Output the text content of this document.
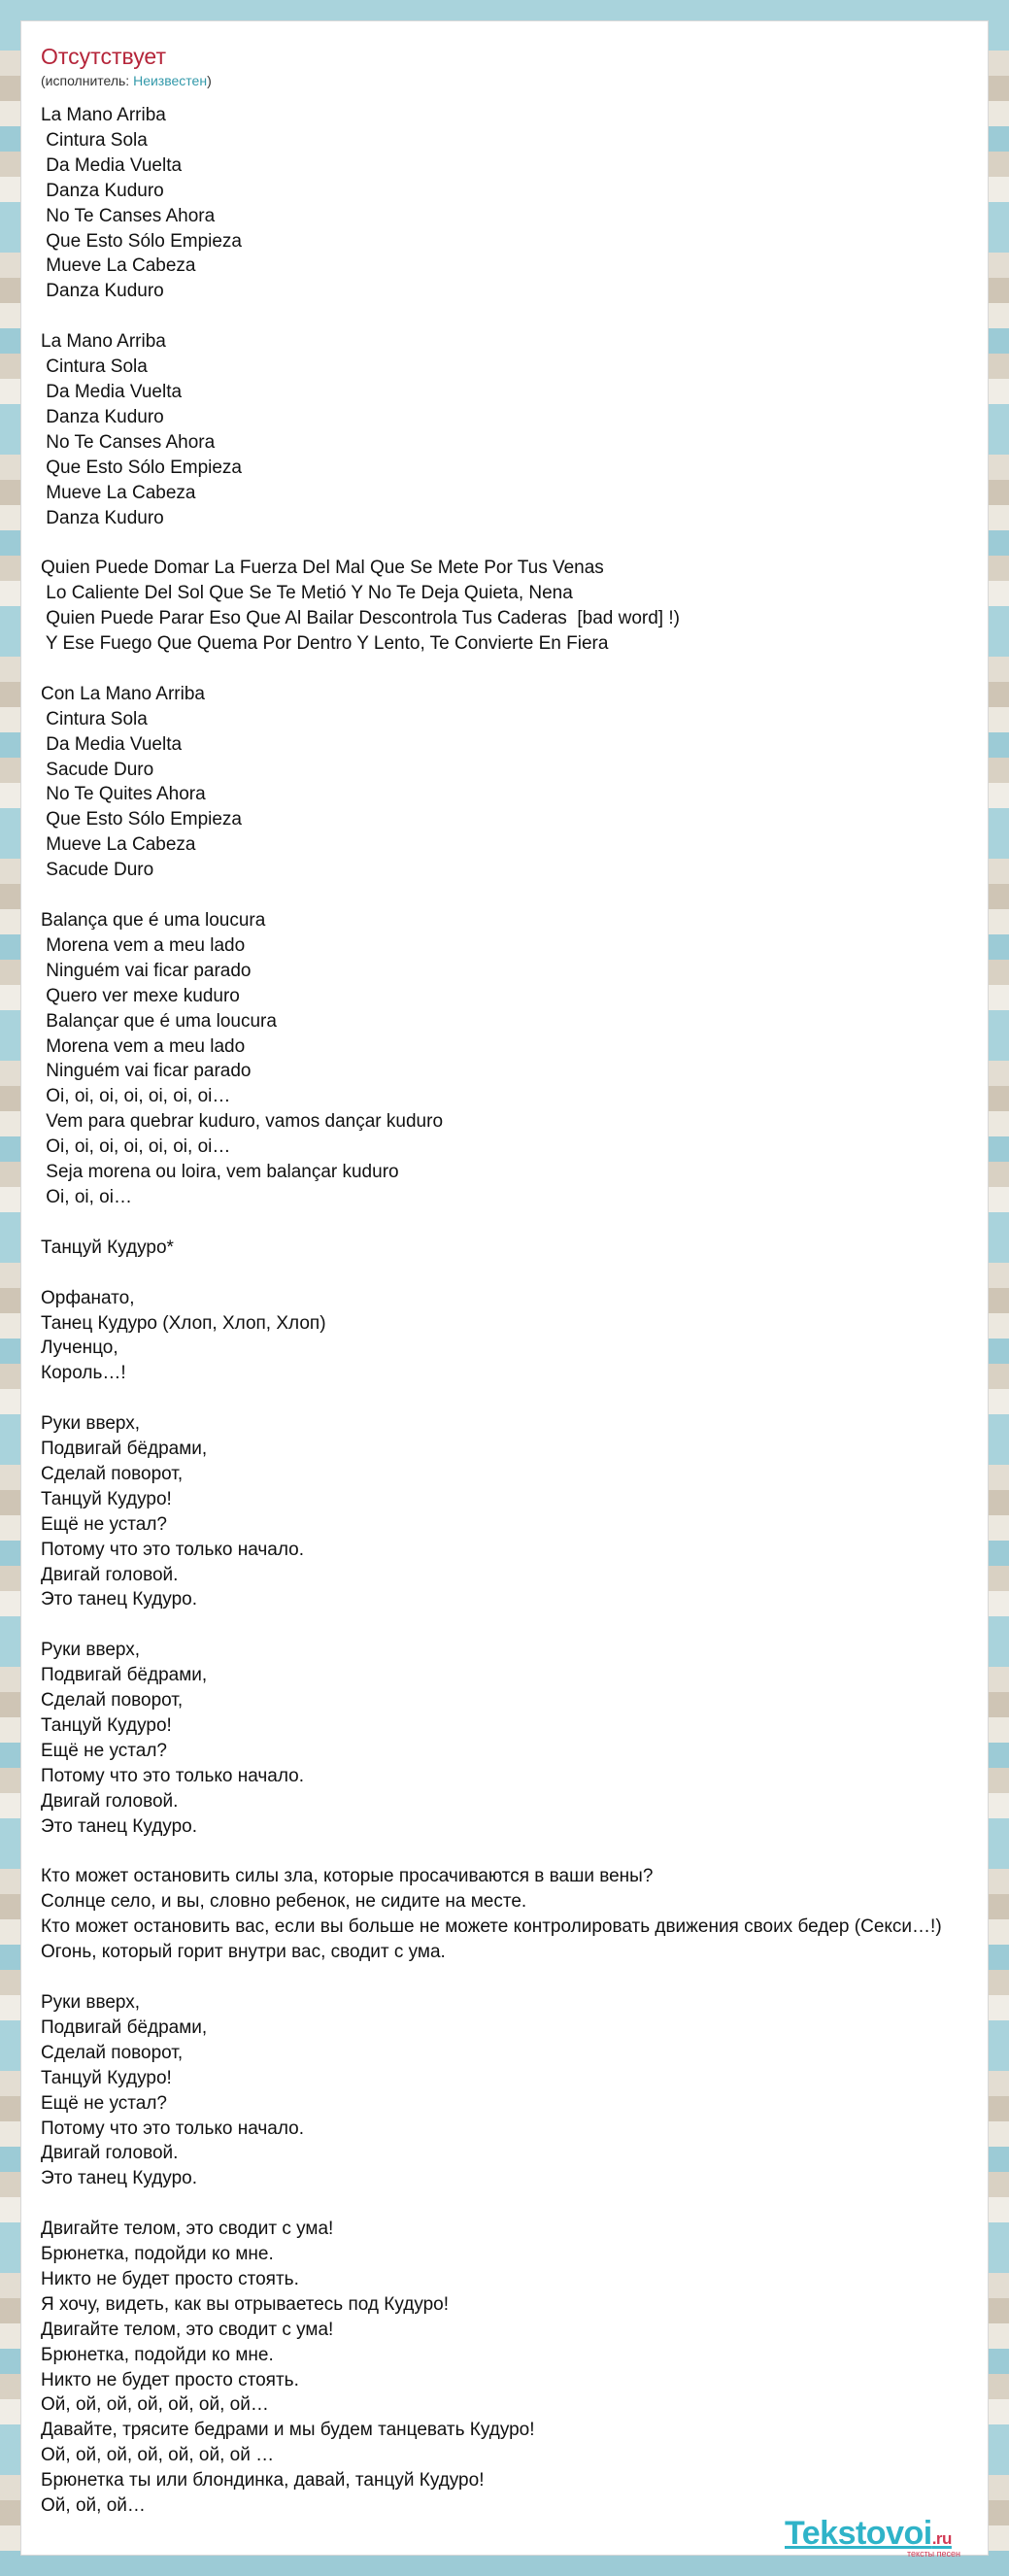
Отсутствует
(исполнитель: Неизвестен)
La Mano Arriba
Cintura Sola
Da Media Vuelta
Danza Kuduro
No Te Canses Ahora
Que Esto Sólo Empieza
Mueve La Cabeza
Danza Kuduro

La Mano Arriba
Cintura Sola
Da Media Vuelta
Danza Kuduro
No Te Canses Ahora
Que Esto Sólo Empieza
Mueve La Cabeza
Danza Kuduro

Quien Puede Domar La Fuerza Del Mal Que Se Mete Por Tus Venas
Lo Caliente Del Sol Que Se Te Metió Y No Te Deja Quieta, Nena
Quien Puede Parar Eso Que Al Bailar Descontrola Tus Caderas  [bad word] !)
Y Ese Fuego Que Quema Por Dentro Y Lento, Te Convierte En Fiera

Con La Mano Arriba
Cintura Sola
Da Media Vuelta
Sacude Duro
No Te Quites Ahora
Que Esto Sólo Empieza
Mueve La Cabeza
Sacude Duro

Balança que é uma loucura
Morena vem a meu lado
Ninguém vai ficar parado
Quero ver mexe kuduro
Balançar que é uma loucura
Morena vem a meu lado
Ninguém vai ficar parado
Oi, oi, oi, oi, oi, oi, oi…
Vem para quebrar kuduro, vamos dançar kuduro
Oi, oi, oi, oi, oi, oi, oi…
Seja morena ou loira, vem balançar kuduro
Oi, oi, oi…

Танцуй Кудуро*

Орфанато,
Танец Кудуро (Хлоп, Хлоп, Хлоп)
Лученцо,
Король…!

Руки вверх,
Подвигай бёдрами,
Сделай поворот,
Танцуй Кудуро!
Ещё не устал?
Потому что это только начало.
Двигай головой.
Это танец Кудуро.

Руки вверх,
Подвигай бёдрами,
Сделай поворот,
Танцуй Кудуро!
Ещё не устал?
Потому что это только начало.
Двигай головой.
Это танец Кудуро.

Кто может остановить силы зла, которые просачиваются в ваши вены?
Солнце село, и вы, словно ребенок, не сидите на месте.
Кто может остановить вас, если вы больше не можете контролировать движения своих бедер (Секси…!)
Огонь, который горит внутри вас, сводит с ума.

Руки вверх,
Подвигай бёдрами,
Сделай поворот,
Танцуй Кудуро!
Ещё не устал?
Потому что это только начало.
Двигай головой.
Это танец Кудуро.

Двигайте телом, это сводит с ума!
Брюнетка, подойди ко мне.
Никто не будет просто стоять.
Я хочу, видеть, как вы отрываетесь под Кудуро!
Двигайте телом, это сводит с ума!
Брюнетка, подойди ко мне.
Никто не будет просто стоять.
Ой, ой, ой, ой, ой, ой, ой…
Давайте, трясите бедрами и мы будем танцевать Кудуро!
Ой, ой, ой, ой, ой, ой, ой …
Брюнетка ты или блондинка, давай, танцуй Кудуро!
Ой, ой, ой…
Tekstovoi.ru
тексты песен
